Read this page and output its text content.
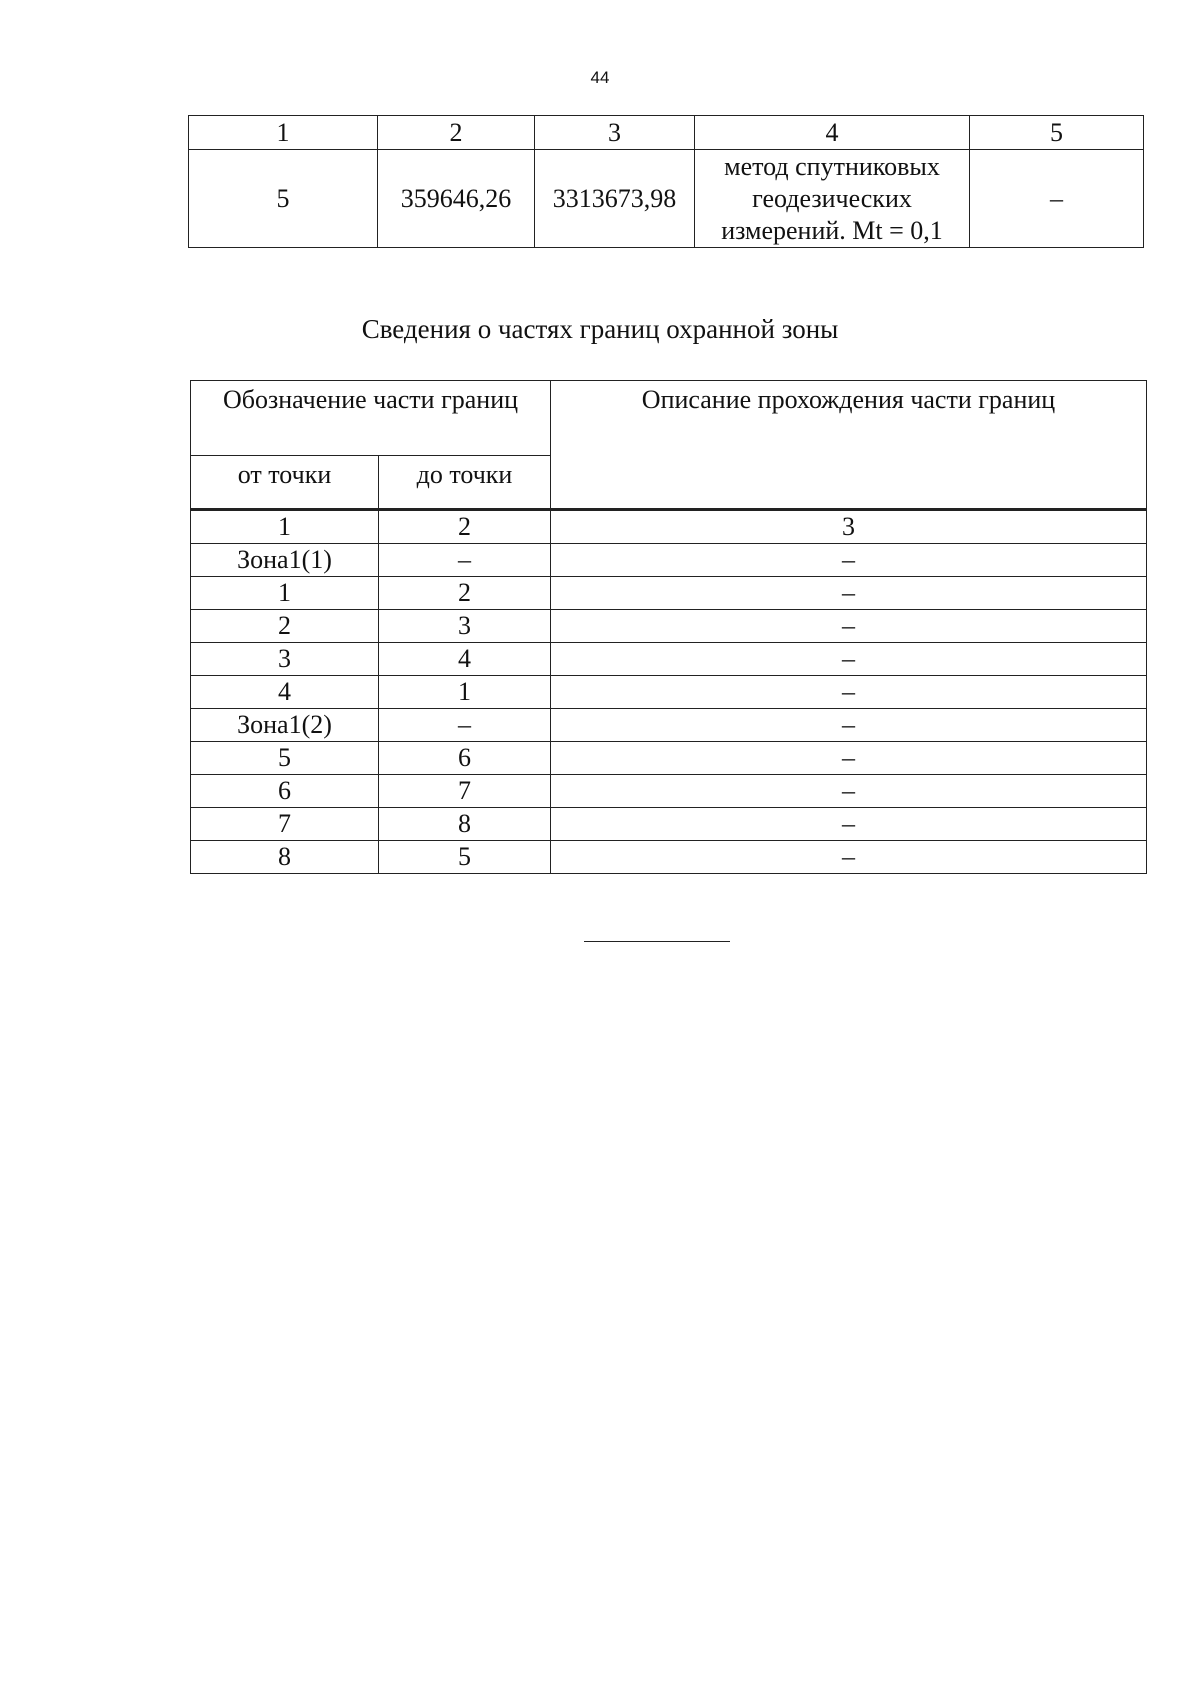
44
1	2	3	4	5
5	359646,26	3313673,98	метод спутниковых
геодезических
измерений. Mt = 0,1	–
Сведения о частях границ охранной зоны
Обозначение части границ		Описание прохождения части границ
от точки	до точки	
1	2	3
Зона1(1)	–	–
1	2	–
2	3	–
3	4	–
4	1	–
Зона1(2)	–	–
5	6	–
6	7	–
7	8	–
8	5	–
